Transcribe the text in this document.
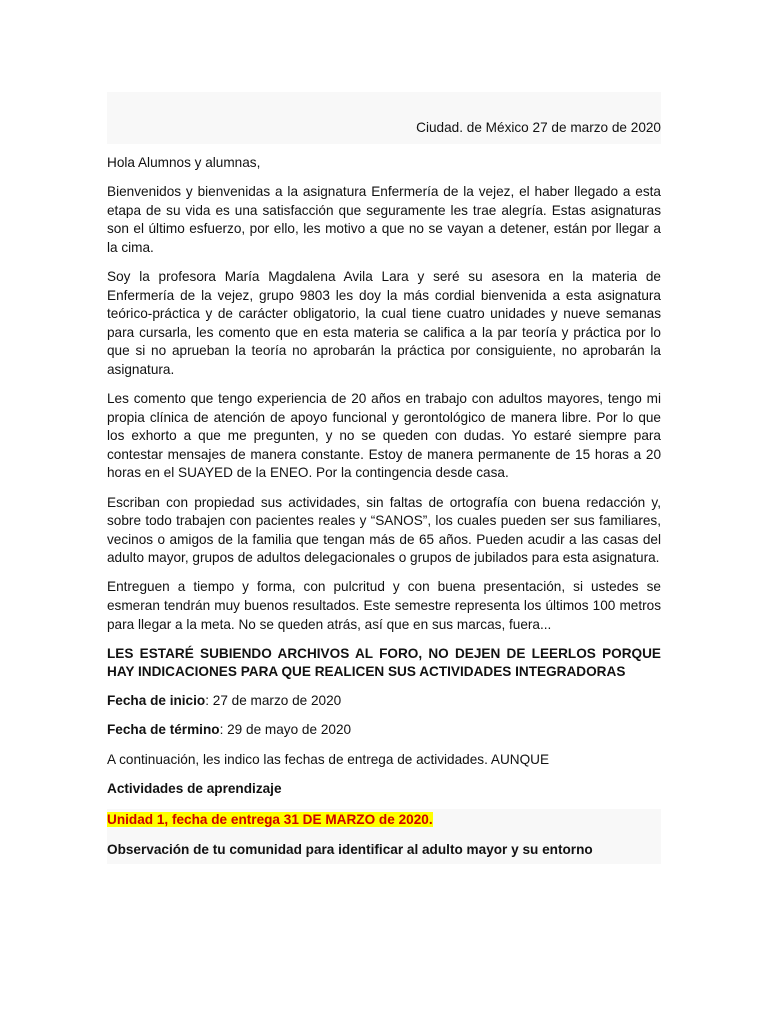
Ciudad. de México 27 de marzo de 2020

Hola Alumnos y alumnas,

Bienvenidos y bienvenidas a la asignatura Enfermería de la vejez, el haber llegado a esta etapa de su vida es una satisfacción que seguramente les trae alegría. Estas asignaturas son el último esfuerzo, por ello, les motivo a que no se vayan a detener, están por llegar a la cima.

Soy la profesora María Magdalena Avila Lara y seré su asesora en la materia de Enfermería de la vejez, grupo 9803 les doy la más cordial bienvenida a esta asignatura teórico-práctica y de carácter obligatorio, la cual tiene cuatro unidades y nueve semanas para cursarla, les comento que en esta materia se califica a la par teoría y práctica por lo que si no aprueban la teoría no aprobarán la práctica por consiguiente, no aprobarán la asignatura.

Les comento que tengo experiencia de 20 años en trabajo con adultos mayores, tengo mi propia clínica de atención de apoyo funcional y gerontológico de manera libre. Por lo que los exhorto a que me pregunten, y no se queden con dudas. Yo estaré siempre para contestar mensajes de manera constante. Estoy de manera permanente de 15 horas a 20 horas en el SUAYED de la ENEO. Por la contingencia desde casa.

Escriban con propiedad sus actividades, sin faltas de ortografía con buena redacción y, sobre todo trabajen con pacientes reales y “SANOS”, los cuales pueden ser sus familiares, vecinos o amigos de la familia que tengan más de 65 años. Pueden acudir a las casas del adulto mayor, grupos de adultos delegacionales o grupos de jubilados para esta asignatura.

Entreguen a tiempo y forma, con pulcritud y con buena presentación, si ustedes se esmeran tendrán muy buenos resultados. Este semestre representa los últimos 100 metros para llegar a la meta. No se queden atrás, así que en sus marcas, fuera...

LES ESTARÉ SUBIENDO ARCHIVOS AL FORO, NO DEJEN DE LEERLOS PORQUE HAY INDICACIONES PARA QUE REALICEN SUS ACTIVIDADES INTEGRADORAS

Fecha de inicio: 27 de marzo de 2020

Fecha de término: 29 de mayo de 2020

A continuación, les indico las fechas de entrega de actividades. AUNQUE

Actividades de aprendizaje

Unidad 1, fecha de entrega 31 DE MARZO de 2020.
Observación de tu comunidad para identificar al adulto mayor y su entorno
